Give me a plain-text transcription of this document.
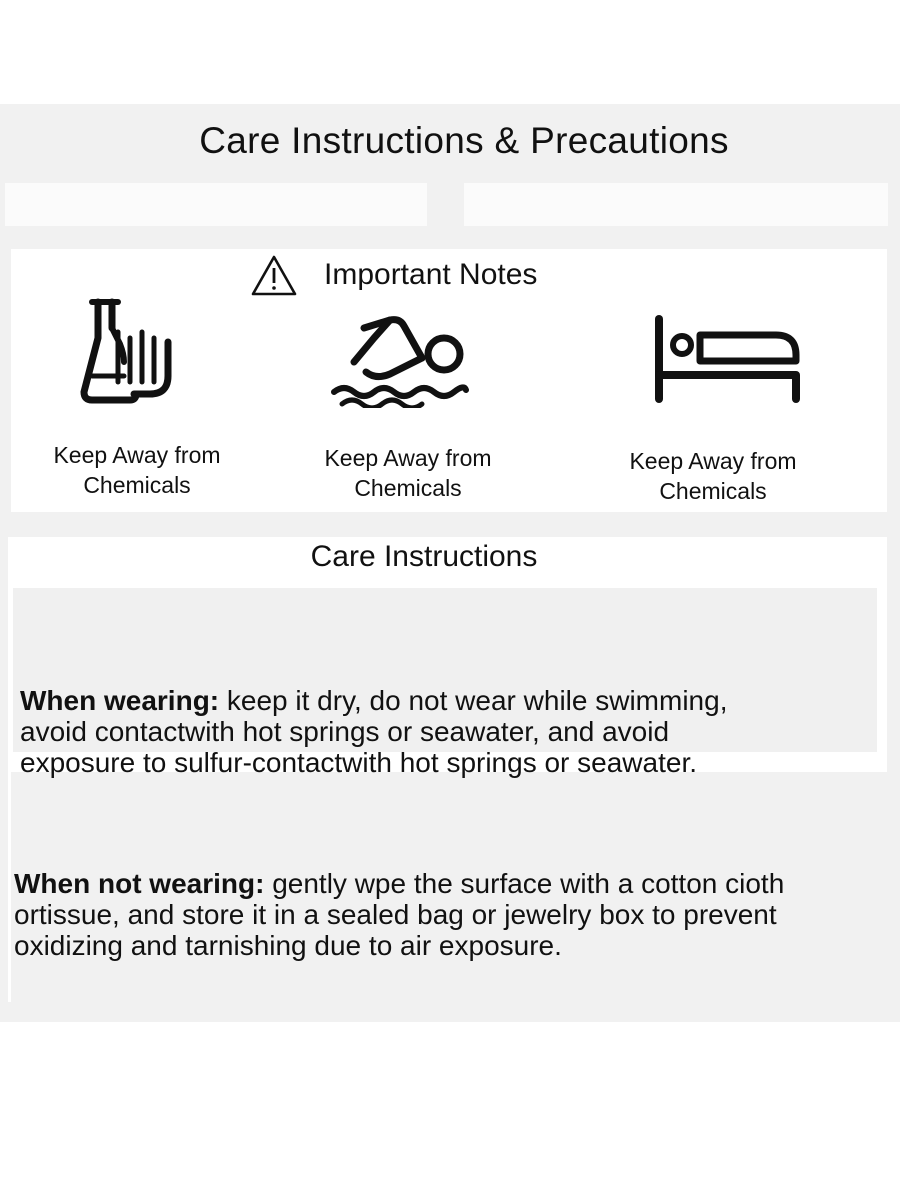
Care Instructions & Precautions
Important Notes
Keep Away from
Chemicals
Keep Away from
Chemicals
Keep Away from
Chemicals
Care Instructions

When wearing: keep it dry, do not wear while swimming,
avoid contactwith hot springs or seawater, and avoid
exposure to sulfur-contactwith hot springs or seawater.

When not wearing: gently wpe the surface with a cotton cioth
ortissue, and store it in a sealed bag or jewelry box to prevent
oxidizing and tarnishing due to air exposure.
